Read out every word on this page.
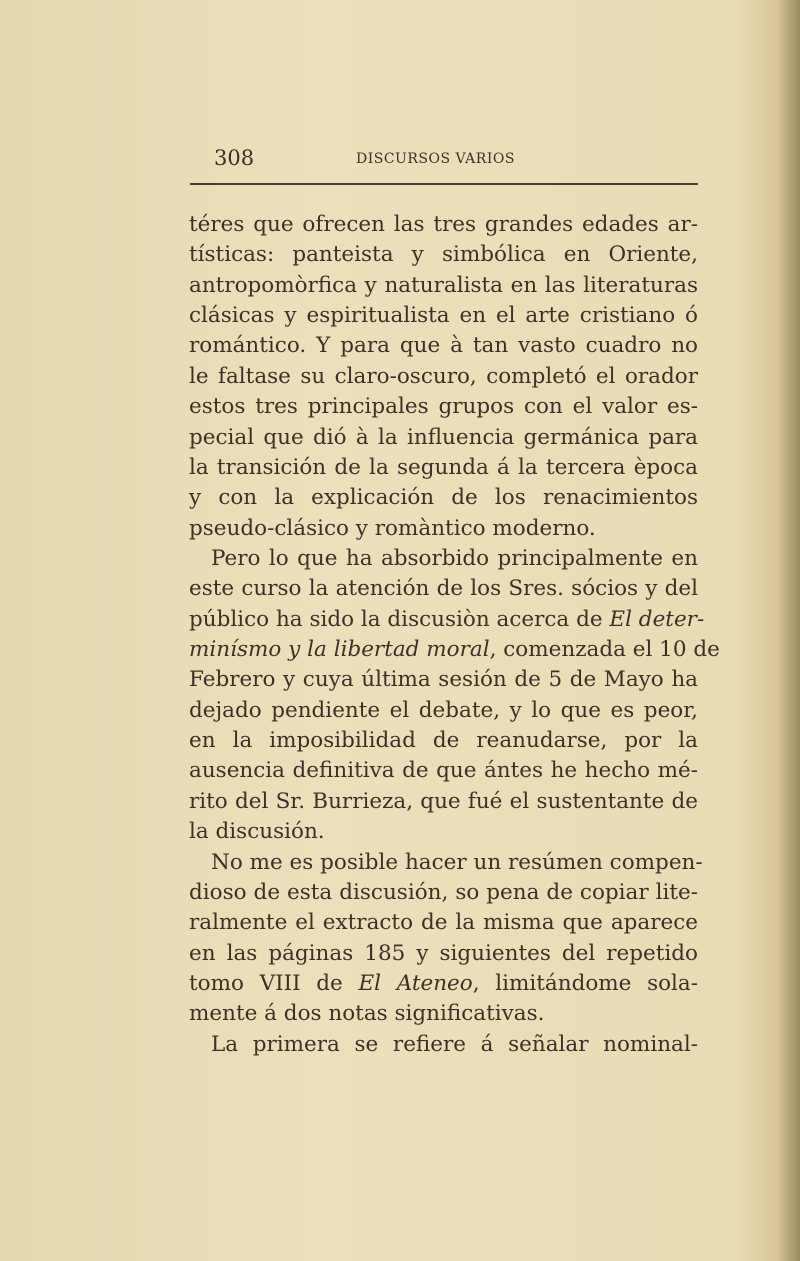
308	DISCURSOS VARIOS
téres que ofrecen las tres grandes edades ar-
tísticas: panteista y simbólica en Oriente,
antropomòrfica y naturalista en las literaturas
clásicas y espiritualista en el arte cristiano ó
romántico. Y para que à tan vasto cuadro no
le faltase su claro-oscuro, completó el orador
estos tres principales grupos con el valor es-
pecial que dió à la influencia germánica para
la transición de la segunda á la tercera època
y con la explicación de los renacimientos
pseudo-clásico y romàntico moderno.
Pero lo que ha absorbido principalmente en
este curso la atención de los Sres. sócios y del
público ha sido la discusiòn acerca de El deter-
minísmo y la libertad moral, comenzada el 10 de
Febrero y cuya última sesión de 5 de Mayo ha
dejado pendiente el debate, y lo que es peor,
en la imposibilidad de reanudarse, por la
ausencia definitiva de que ántes he hecho mé-
rito del Sr. Burrieza, que fué el sustentante de
la discusión.
No me es posible hacer un resúmen compen-
dioso de esta discusión, so pena de copiar lite-
ralmente el extracto de la misma que aparece
en las páginas 185 y siguientes del repetido
tomo VIII de El Ateneo, limitándome sola-
mente á dos notas significativas.
La primera se refiere á señalar nominal-
